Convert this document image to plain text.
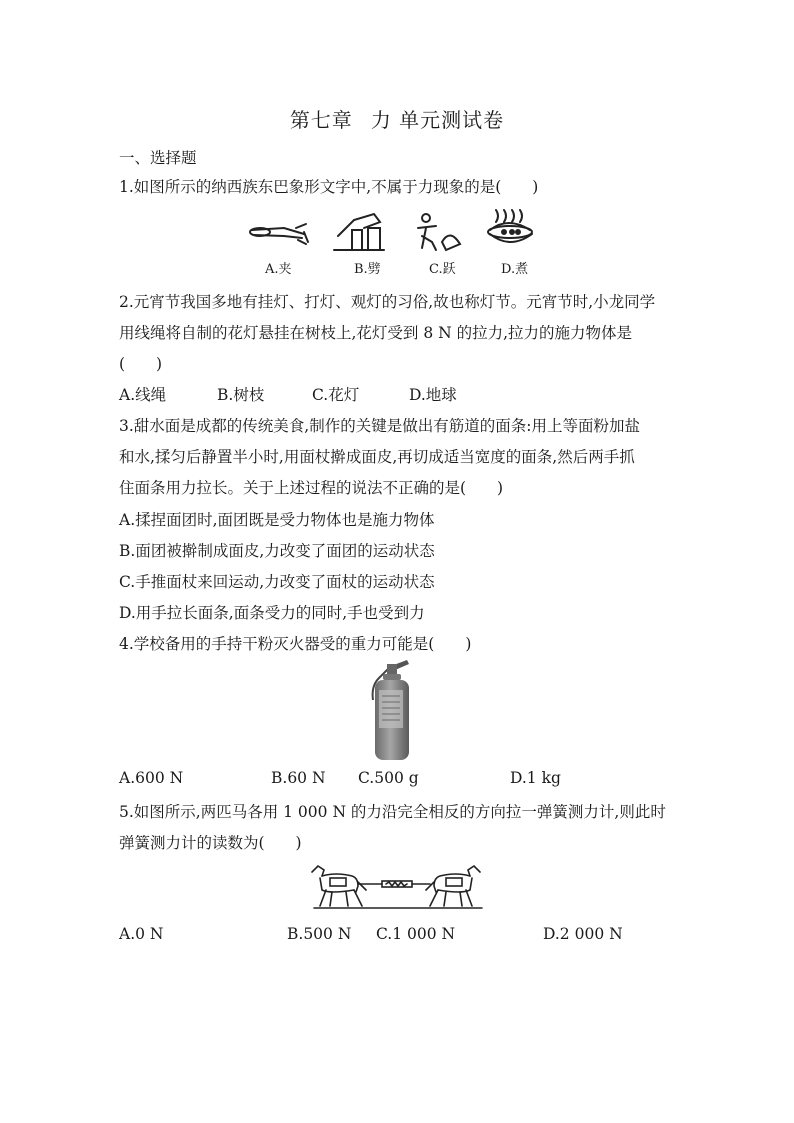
第七章 力 单元测试卷
一、选择题
1.如图所示的纳西族东巴象形文字中,不属于力现象的是(　　)
A.夹	B.劈	C.跃	D.煮
2.元宵节我国多地有挂灯、打灯、观灯的习俗,故也称灯节。元宵节时,小龙同学
用线绳将自制的花灯悬挂在树枝上,花灯受到 8 N 的拉力,拉力的施力物体是
(　　)
A.线绳	B.树枝	C.花灯	D.地球
3.甜水面是成都的传统美食,制作的关键是做出有筋道的面条:用上等面粉加盐
和水,揉匀后静置半小时,用面杖擀成面皮,再切成适当宽度的面条,然后两手抓
住面条用力拉长。关于上述过程的说法不正确的是(　　)
A.揉捏面团时,面团既是受力物体也是施力物体
B.面团被擀制成面皮,力改变了面团的运动状态
C.手推面杖来回运动,力改变了面杖的运动状态
D.用手拉长面条,面条受力的同时,手也受到力
4.学校备用的手持干粉灭火器受的重力可能是(　　)
A.600 N	B.60 N C.500 g	D.1 kg
5.如图所示,两匹马各用 1 000 N 的力沿完全相反的方向拉一弹簧测力计,则此时
弹簧测力计的读数为(　　)
A.0 N	B.500 N C.1 000 N	D.2 000 N
